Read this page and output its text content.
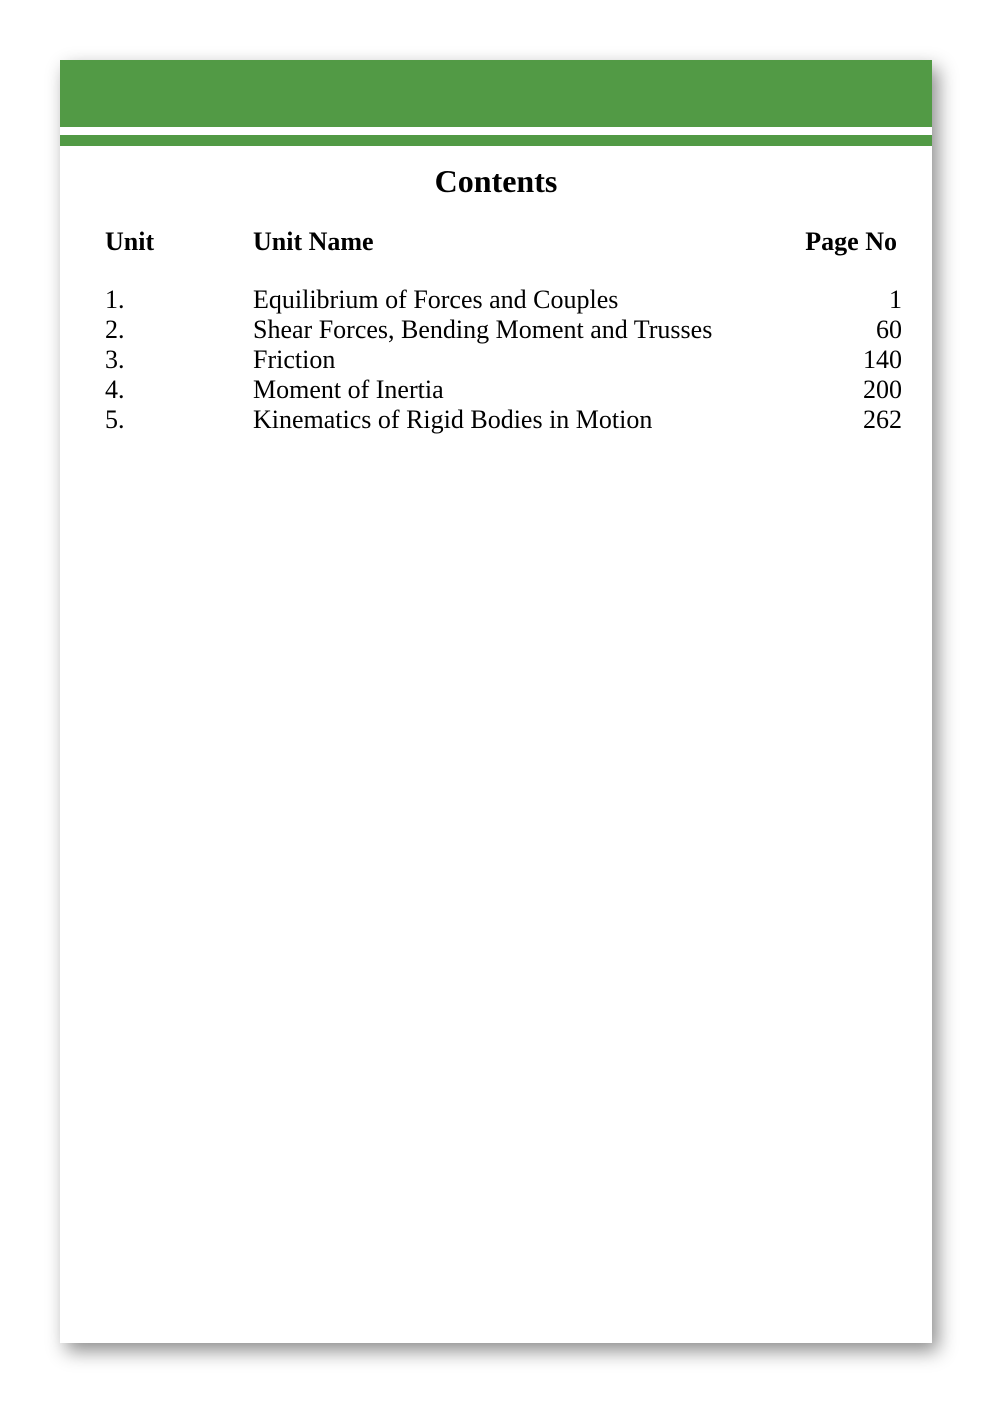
Contents
Unit	Unit Name	Page No
1.	Equilibrium of Forces and Couples	1
2.	Shear Forces, Bending Moment and Trusses	60
3.	Friction	140
4.	Moment of Inertia	200
5.	Kinematics of Rigid Bodies in Motion	262
